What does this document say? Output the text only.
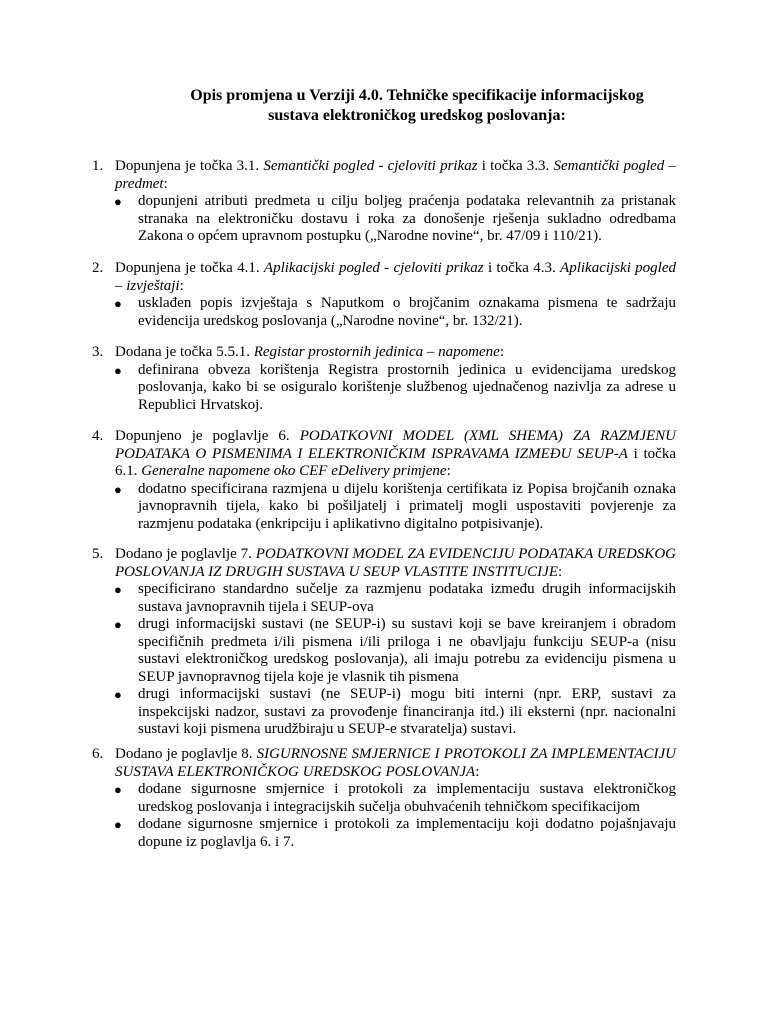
Opis promjena u Verziji 4.0. Tehničke specifikacije informacijskog
sustava elektroničkog uredskog poslovanja:
1. Dopunjena je točka 3.1. Semantički pogled - cjeloviti prikaz i točka 3.3. Semantički pogled – predmet:
● dopunjeni atributi predmeta u cilju boljeg praćenja podataka relevantnih za pristanak stranaka na elektroničku dostavu i roka za donošenje rješenja sukladno odredbama Zakona o općem upravnom postupku („Narodne novine“, br. 47/09 i 110/21).
2. Dopunjena je točka 4.1. Aplikacijski pogled - cjeloviti prikaz i točka 4.3. Aplikacijski pogled – izvještaji:
● usklađen popis izvještaja s Naputkom o brojčanim oznakama pismena te sadržaju evidencija uredskog poslovanja („Narodne novine“, br. 132/21).
3. Dodana je točka 5.5.1. Registar prostornih jedinica – napomene:
● definirana obveza korištenja Registra prostornih jedinica u evidencijama uredskog poslovanja, kako bi se osiguralo korištenje službenog ujednačenog nazivlja za adrese u Republici Hrvatskoj.
4. Dopunjeno je poglavlje 6. PODATKOVNI MODEL (XML SHEMA) ZA RAZMJENU PODATAKA O PISMENIMA I ELEKTRONIČKIM ISPRAVAMA IZMEĐU SEUP-A i točka 6.1. Generalne napomene oko CEF eDelivery primjene:
● dodatno specificirana razmjena u dijelu korištenja certifikata iz Popisa brojčanih oznaka javnopravnih tijela, kako bi pošiljatelj i primatelj mogli uspostaviti povjerenje za razmjenu podataka (enkripciju i aplikativno digitalno potpisivanje).
5. Dodano je poglavlje 7. PODATKOVNI MODEL ZA EVIDENCIJU PODATAKA UREDSKOG POSLOVANJA IZ DRUGIH SUSTAVA U SEUP VLASTITE INSTITUCIJE:
● specificirano standardno sučelje za razmjenu podataka između drugih informacijskih sustava javnopravnih tijela i SEUP-ova
● drugi informacijski sustavi (ne SEUP-i) su sustavi koji se bave kreiranjem i obradom specifičnih predmeta i/ili pismena i/ili priloga i ne obavljaju funkciju SEUP-a (nisu sustavi elektroničkog uredskog poslovanja), ali imaju potrebu za evidenciju pismena u SEUP javnopravnog tijela koje je vlasnik tih pismena
● drugi informacijski sustavi (ne SEUP-i) mogu biti interni (npr. ERP, sustavi za inspekcijski nadzor, sustavi za provođenje financiranja itd.) ili eksterni (npr. nacionalni sustavi koji pismena urudžbiraju u SEUP-e stvaratelja) sustavi.
6. Dodano je poglavlje 8. SIGURNOSNE SMJERNICE I PROTOKOLI ZA IMPLEMENTACIJU SUSTAVA ELEKTRONIČKOG UREDSKOG POSLOVANJA:
● dodane sigurnosne smjernice i protokoli za implementaciju sustava elektroničkog uredskog poslovanja i integracijskih sučelja obuhvaćenih tehničkom specifikacijom
● dodane sigurnosne smjernice i protokoli za implementaciju koji dodatno pojašnjavaju dopune iz poglavlja 6. i 7.
